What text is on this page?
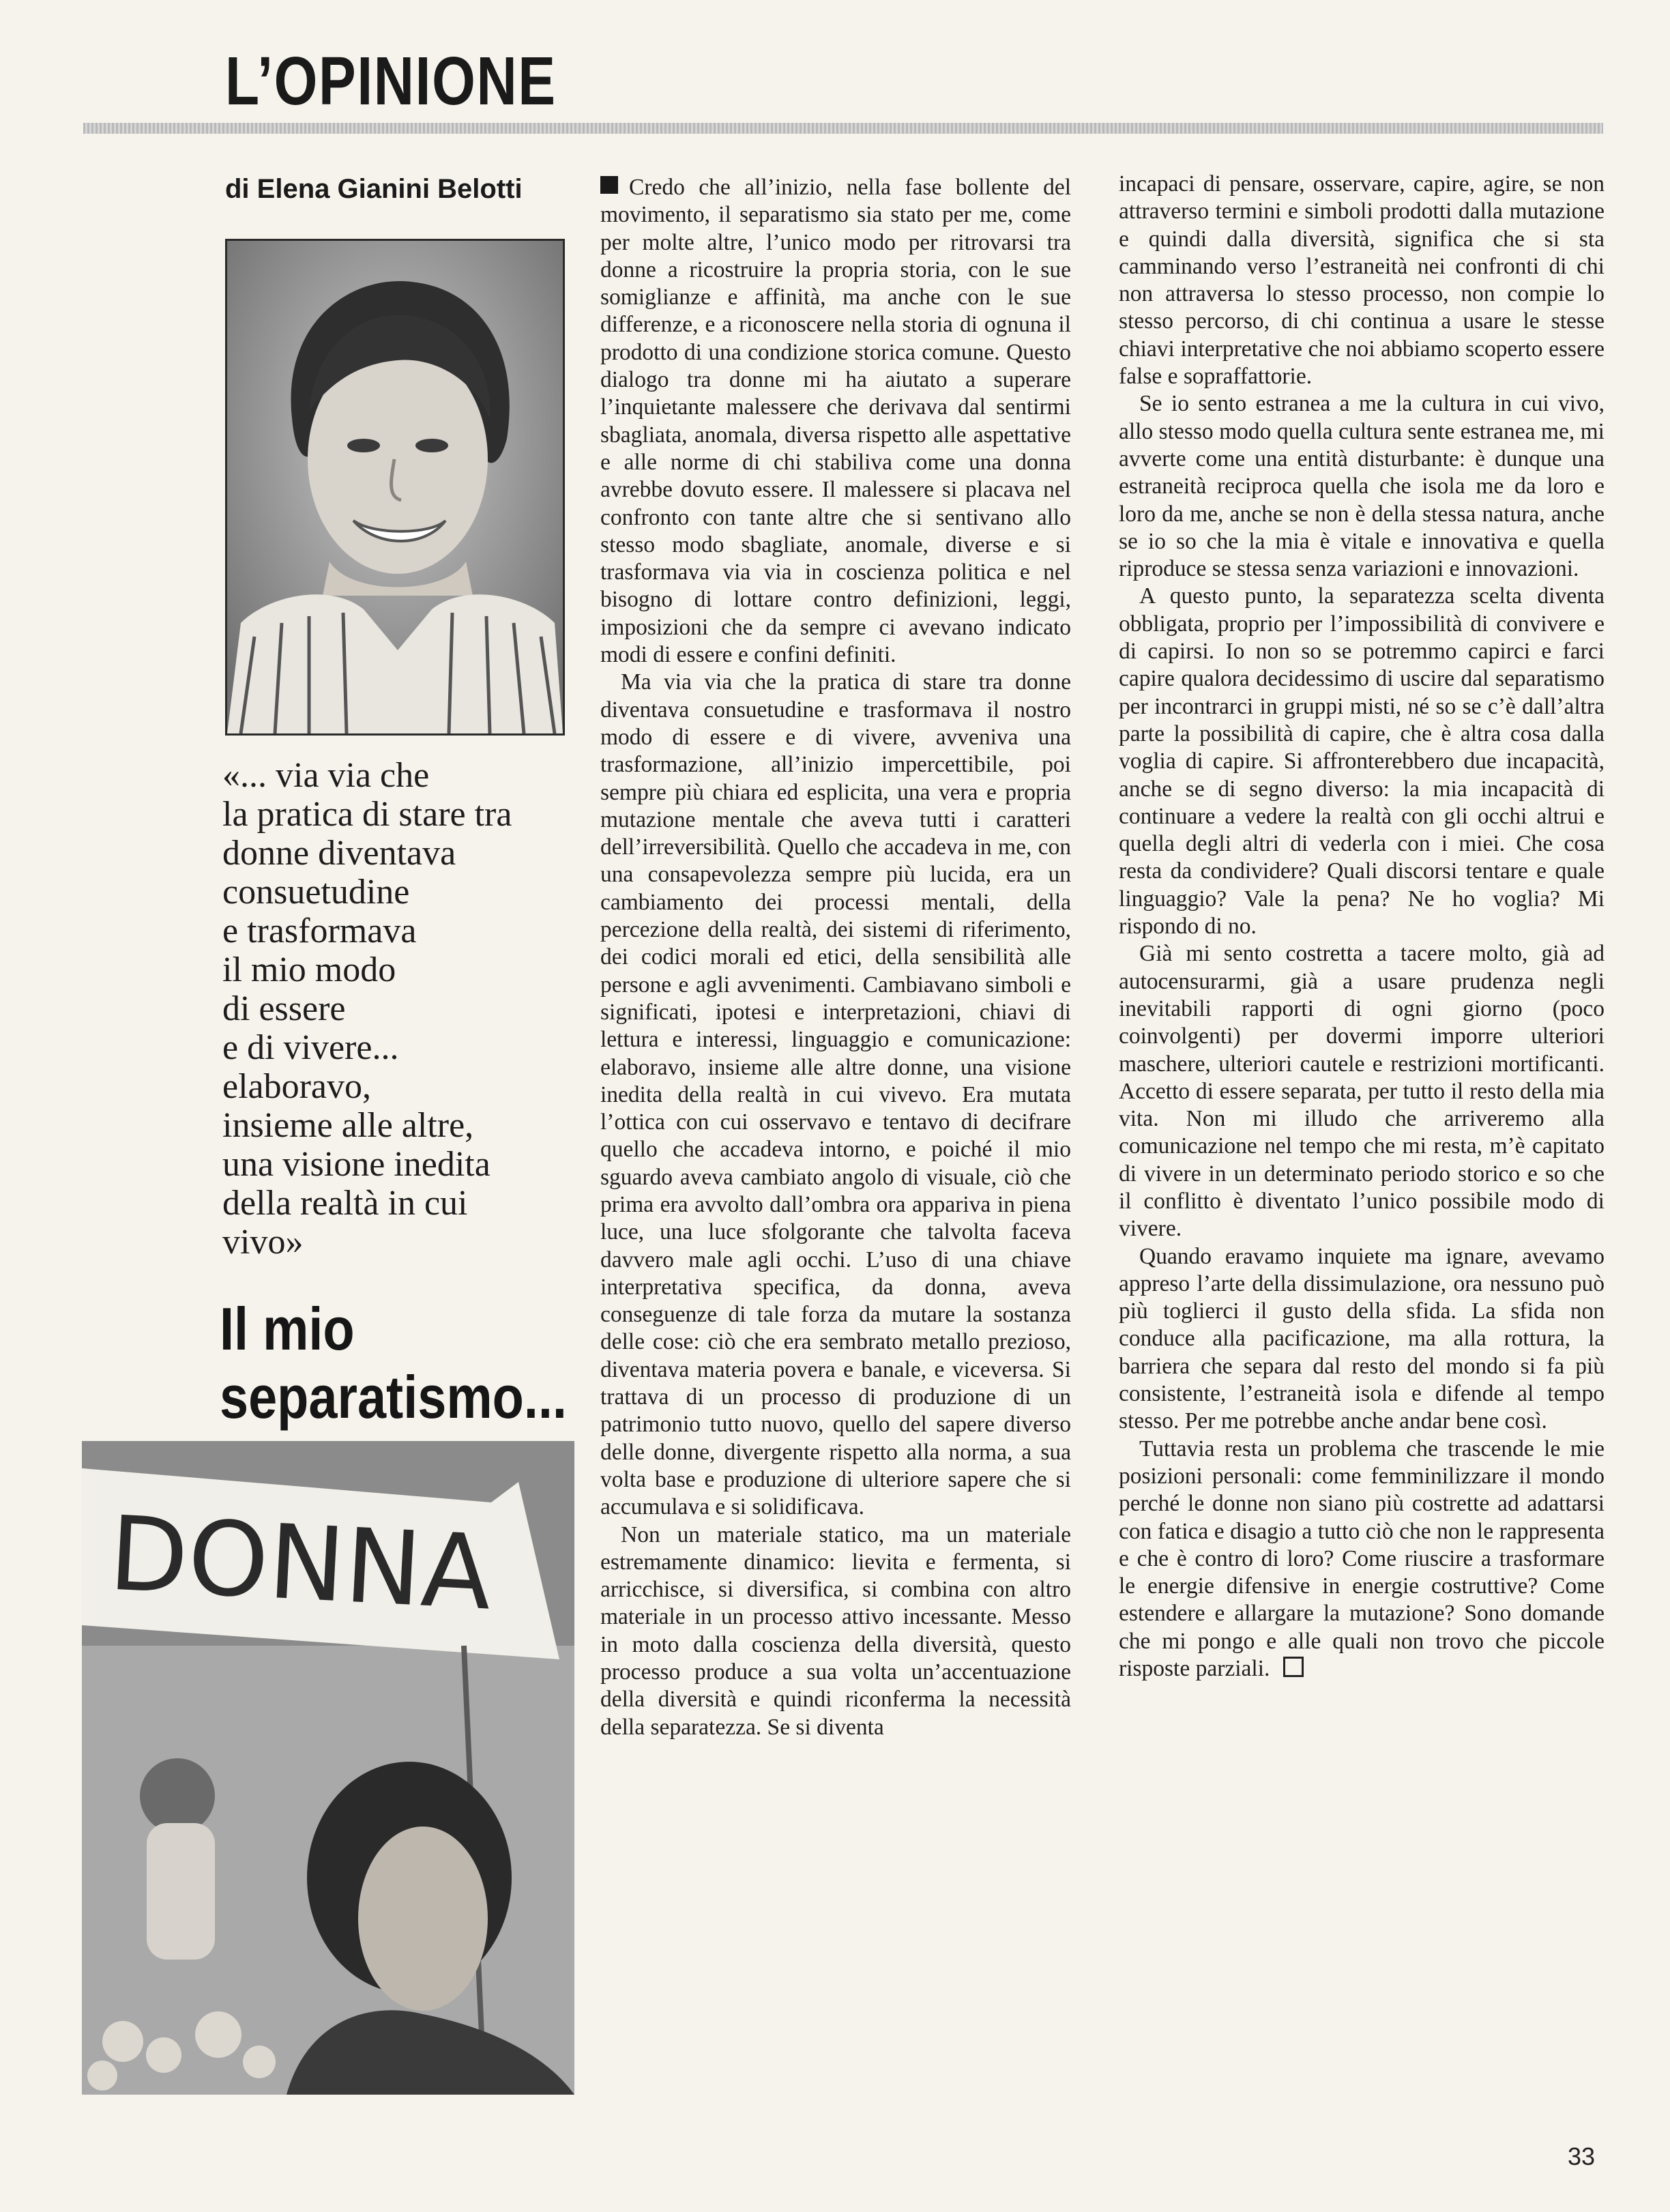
L’OPINIONE

di Elena Gianini Belotti

«... via via che
la pratica di stare tra
donne diventava
consuetudine
e trasformava
il mio modo
di essere
e di vivere...
elaboravo,
insieme alle altre,
una visione inedita
della realtà in cui
vivo»

Il mio
separatismo...
DONNA

Credo che all’inizio, nella fase bollente del movimento, il separatismo sia stato per me, come per molte altre, l’unico modo per ritrovarsi tra donne a ricostruire la propria storia, con le sue somiglianze e affinità, ma anche con le sue differenze, e a riconoscere nella storia di ognuna il prodotto di una condizione storica comune. Questo dialogo tra donne mi ha aiutato a superare l’inquietante malessere che derivava dal sentirmi sbagliata, anomala, diversa rispetto alle aspettative e alle norme di chi stabiliva come una donna avrebbe dovuto essere. Il malessere si placava nel confronto con tante altre che si sentivano allo stesso modo sbagliate, anomale, diverse e si trasformava via via in coscienza politica e nel bisogno di lottare contro definizioni, leggi, imposizioni che da sempre ci avevano indicato modi di essere e confini definiti.

Ma via via che la pratica di stare tra donne diventava consuetudine e trasformava il nostro modo di essere e di vivere, avveniva una trasformazione, all’inizio impercettibile, poi sempre più chiara ed esplicita, una vera e propria mutazione mentale che aveva tutti i caratteri dell’irreversibilità. Quello che accadeva in me, con una consapevolezza sempre più lucida, era un cambiamento dei processi mentali, della percezione della realtà, dei sistemi di riferimento, dei codici morali ed etici, della sensibilità alle persone e agli avvenimenti. Cambiavano simboli e significati, ipotesi e interpretazioni, chiavi di lettura e interessi, linguaggio e comunicazione: elaboravo, insieme alle altre donne, una visione inedita della realtà in cui vivevo. Era mutata l’ottica con cui osservavo e tentavo di decifrare quello che accadeva intorno, e poiché il mio sguardo aveva cambiato angolo di visuale, ciò che prima era avvolto dall’ombra ora appariva in piena luce, una luce sfolgorante che talvolta faceva davvero male agli occhi. L’uso di una chiave interpretativa specifica, da donna, aveva conseguenze di tale forza da mutare la sostanza delle cose: ciò che era sembrato metallo prezioso, diventava materia povera e banale, e viceversa. Si trattava di un processo di produzione di un patrimonio tutto nuovo, quello del sapere diverso delle donne, divergente rispetto alla norma, a sua volta base e produzione di ulteriore sapere che si accumulava e si solidificava.

Non un materiale statico, ma un materiale estremamente dinamico: lievita e fermenta, si arricchisce, si diversifica, si combina con altro materiale in un processo attivo incessante. Messo in moto dalla coscienza della diversità, questo processo produce a sua volta un’accentuazione della diversità e quindi riconferma la necessità della separatezza. Se si diventa

incapaci di pensare, osservare, capire, agire, se non attraverso termini e simboli prodotti dalla mutazione e quindi dalla diversità, significa che si sta camminando verso l’estraneità nei confronti di chi non attraversa lo stesso processo, non compie lo stesso percorso, di chi continua a usare le stesse chiavi interpretative che noi abbiamo scoperto essere false e sopraffattorie.

Se io sento estranea a me la cultura in cui vivo, allo stesso modo quella cultura sente estranea me, mi avverte come una entità disturbante: è dunque una estraneità reciproca quella che isola me da loro e loro da me, anche se non è della stessa natura, anche se io so che la mia è vitale e innovativa e quella riproduce se stessa senza variazioni e innovazioni.

A questo punto, la separatezza scelta diventa obbligata, proprio per l’impossibilità di convivere e di capirsi. Io non so se potremmo capirci e farci capire qualora decidessimo di uscire dal separatismo per incontrarci in gruppi misti, né so se c’è dall’altra parte la possibilità di capire, che è altra cosa dalla voglia di capire. Si affronterebbero due incapacità, anche se di segno diverso: la mia incapacità di continuare a vedere la realtà con gli occhi altrui e quella degli altri di vederla con i miei. Che cosa resta da condividere? Quali discorsi tentare e quale linguaggio? Vale la pena? Ne ho voglia? Mi rispondo di no.

Già mi sento costretta a tacere molto, già ad autocensurarmi, già a usare prudenza negli inevitabili rapporti di ogni giorno (poco coinvolgenti) per dovermi imporre ulteriori maschere, ulteriori cautele e restrizioni mortificanti. Accetto di essere separata, per tutto il resto della mia vita. Non mi illudo che arriveremo alla comunicazione nel tempo che mi resta, m’è capitato di vivere in un determinato periodo storico e so che il conflitto è diventato l’unico possibile modo di vivere.

Quando eravamo inquiete ma ignare, avevamo appreso l’arte della dissimulazione, ora nessuno può più toglierci il gusto della sfida. La sfida non conduce alla pacificazione, ma alla rottura, la barriera che separa dal resto del mondo si fa più consistente, l’estraneità isola e difende al tempo stesso. Per me potrebbe anche andar bene così.

Tuttavia resta un problema che trascende le mie posizioni personali: come femminilizzare il mondo perché le donne non siano più costrette ad adattarsi con fatica e disagio a tutto ciò che non le rappresenta e che è contro di loro? Come riuscire a trasformare le energie difensive in energie costruttive? Come estendere e allargare la mutazione? Sono domande che mi pongo e alle quali non trovo che piccole risposte parziali.

33
